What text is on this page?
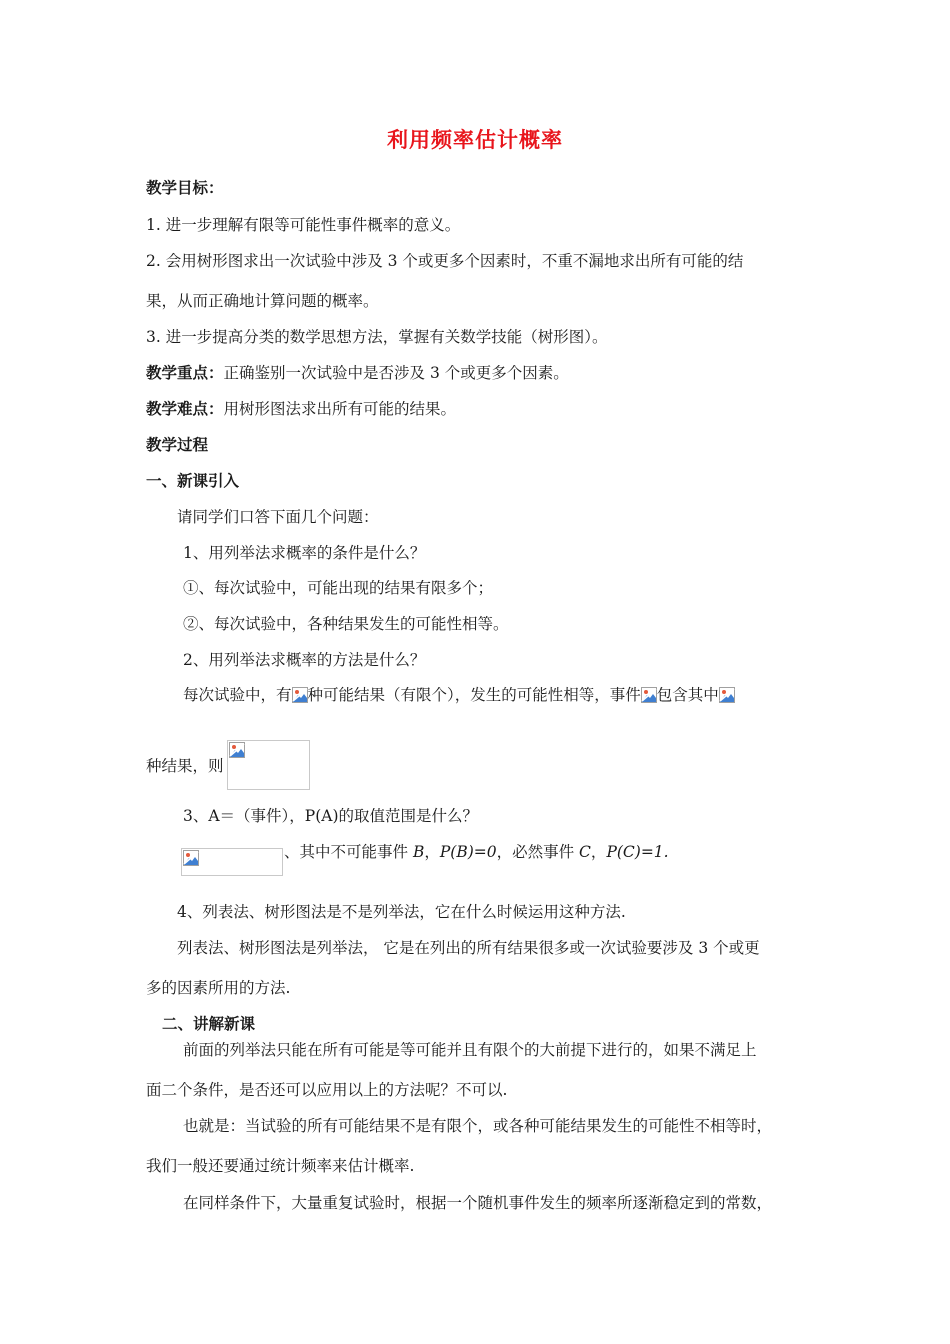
利用频率估计概率
教学目标：
1. 进一步理解有限等可能性事件概率的意义。
2. 会用树形图求出一次试验中涉及 3 个或更多个因素时，不重不漏地求出所有可能的结
果，从而正确地计算问题的概率。
3. 进一步提高分类的数学思想方法，掌握有关数学技能（树形图）。
教学重点：正确鉴别一次试验中是否涉及 3 个或更多个因素。
教学难点：用树形图法求出所有可能的结果。
教学过程
一、新课引入
请同学们口答下面几个问题：
1、用列举法求概率的条件是什么？
①、每次试验中，可能出现的结果有限多个；
②、每次试验中，各种结果发生的可能性相等。
2、用列举法求概率的方法是什么？
每次试验中，有 种可能结果（有限个），发生的可能性相等，事件 包含其中
种结果，则
3、A＝（事件），P(A)的取值范围是什么？
、其中不可能事件 B，P(B)=0，必然事件 C，P(C)=1.
4、列表法、树形图法是不是列举法，它在什么时候运用这种方法.
列表法、树形图法是列举法， 它是在列出的所有结果很多或一次试验要涉及 3 个或更
多的因素所用的方法.
二、讲解新课
前面的列举法只能在所有可能是等可能并且有限个的大前提下进行的，如果不满足上
面二个条件，是否还可以应用以上的方法呢？不可以.
也就是：当试验的所有可能结果不是有限个，或各种可能结果发生的可能性不相等时，
我们一般还要通过统计频率来估计概率.
在同样条件下，大量重复试验时，根据一个随机事件发生的频率所逐渐稳定到的常数，
